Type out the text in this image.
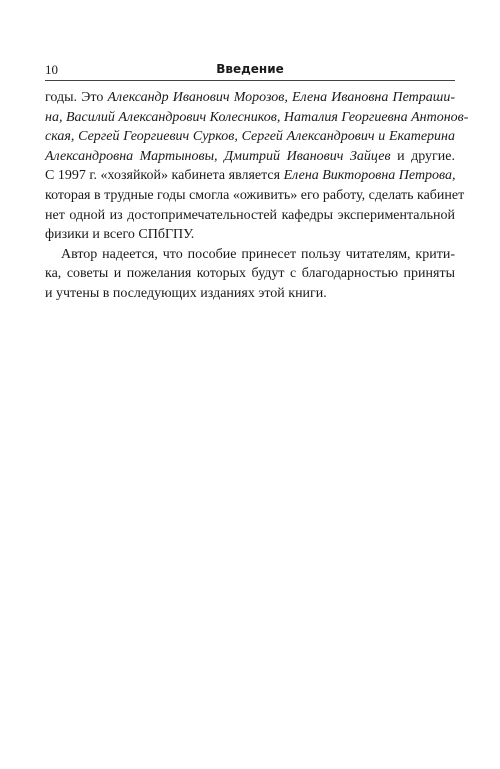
10	Введение

годы. Это Александр Иванович Морозов, Елена Ивановна Петраши-
на, Василий Александрович Колесников, Наталия Георгиевна Антонов-
ская, Сергей Георгиевич Сурков, Сергей Александрович и Екатерина
Александровна Мартыновы, Дмитрий Иванович Зайцев и другие.
С 1997 г. «хозяйкой» кабинета является Елена Викторовна Петрова,
которая в трудные годы смогла «оживить» его работу, сделать кабинет
нет одной из достопримечательностей кафедры экспериментальной
физики и всего СПбГПУ.

Автор надеется, что пособие принесет пользу читателям, крити-
ка, советы и пожелания которых будут с благодарностью приняты
и учтены в последующих изданиях этой книги.
